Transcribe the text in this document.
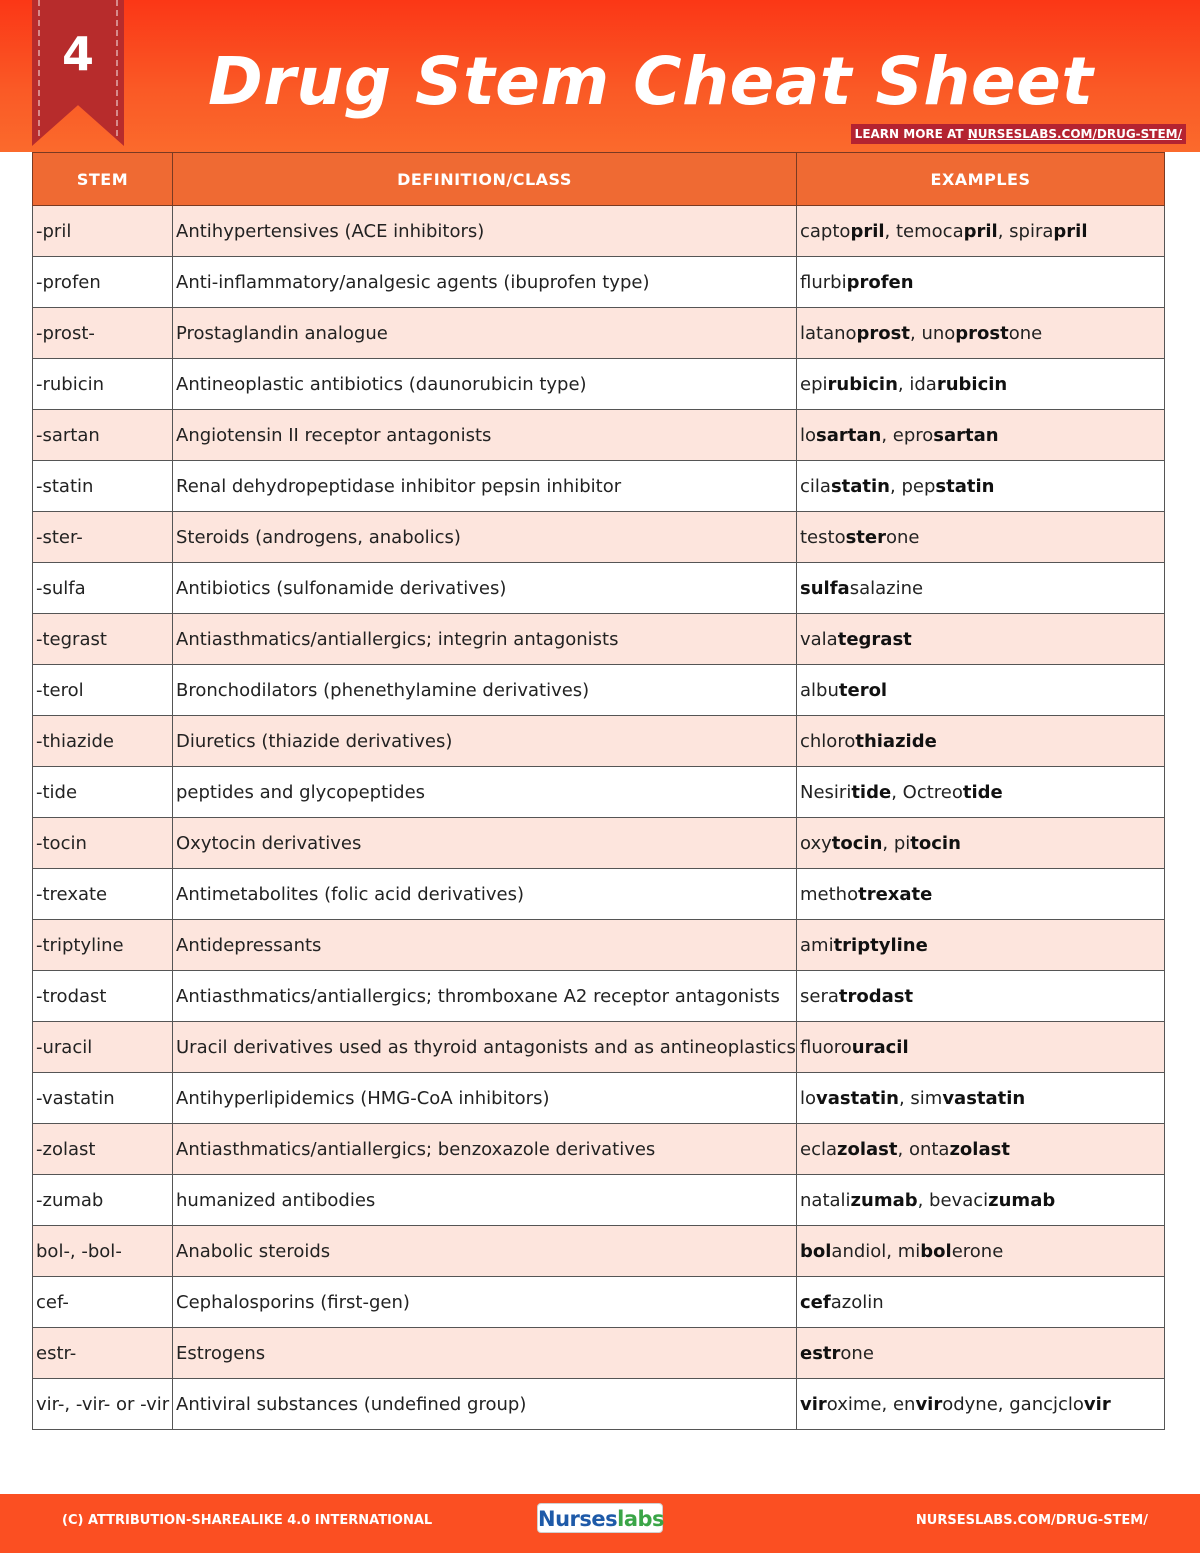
4	Drug Stem Cheat Sheet
LEARN MORE AT NURSESLABS.COM/DRUG-STEM/
STEM	DEFINITION/CLASS	EXAMPLES
-pril	Antihypertensives (ACE inhibitors)	captopril, temocapril, spirapril
-profen	Anti-inflammatory/analgesic agents (ibuprofen type)	flurbiprofen
-prost-	Prostaglandin analogue	latanoprost, unoprostone
-rubicin	Antineoplastic antibiotics (daunorubicin type)	epirubicin, idarubicin
-sartan	Angiotensin II receptor antagonists	losartan, eprosartan
-statin	Renal dehydropeptidase inhibitor pepsin inhibitor	cilastatin, pepstatin
-ster-	Steroids (androgens, anabolics)	testosterone
-sulfa	Antibiotics (sulfonamide derivatives)	sulfasalazine
-tegrast	Antiasthmatics/antiallergics; integrin antagonists	valategrast
-terol	Bronchodilators (phenethylamine derivatives)	albuterol
-thiazide	Diuretics (thiazide derivatives)	chlorothiazide
-tide	peptides and glycopeptides	Nesiritide, Octreotide
-tocin	Oxytocin derivatives	oxytocin, pitocin
-trexate	Antimetabolites (folic acid derivatives)	methotrexate
-triptyline	Antidepressants	amitriptyline
-trodast	Antiasthmatics/antiallergics; thromboxane A2 receptor antagonists	seratrodast
-uracil	Uracil derivatives used as thyroid antagonists and as antineoplastics	fluorouracil
-vastatin	Antihyperlipidemics (HMG-CoA inhibitors)	lovastatin, simvastatin
-zolast	Antiasthmatics/antiallergics; benzoxazole derivatives	eclazolast, ontazolast
-zumab	humanized antibodies	natalizumab, bevacizumab
bol-, -bol-	Anabolic steroids	bolandiol, mibolerone
cef-	Cephalosporins (first-gen)	cefazolin
estr-	Estrogens	estrone
vir-, -vir- or -vir	Antiviral substances (undefined group)	viroxime, envirodyne, gancjclovir
(C) ATTRIBUTION-SHAREALIKE 4.0 INTERNATIONAL	Nurseslabs	NURSESLABS.COM/DRUG-STEM/
